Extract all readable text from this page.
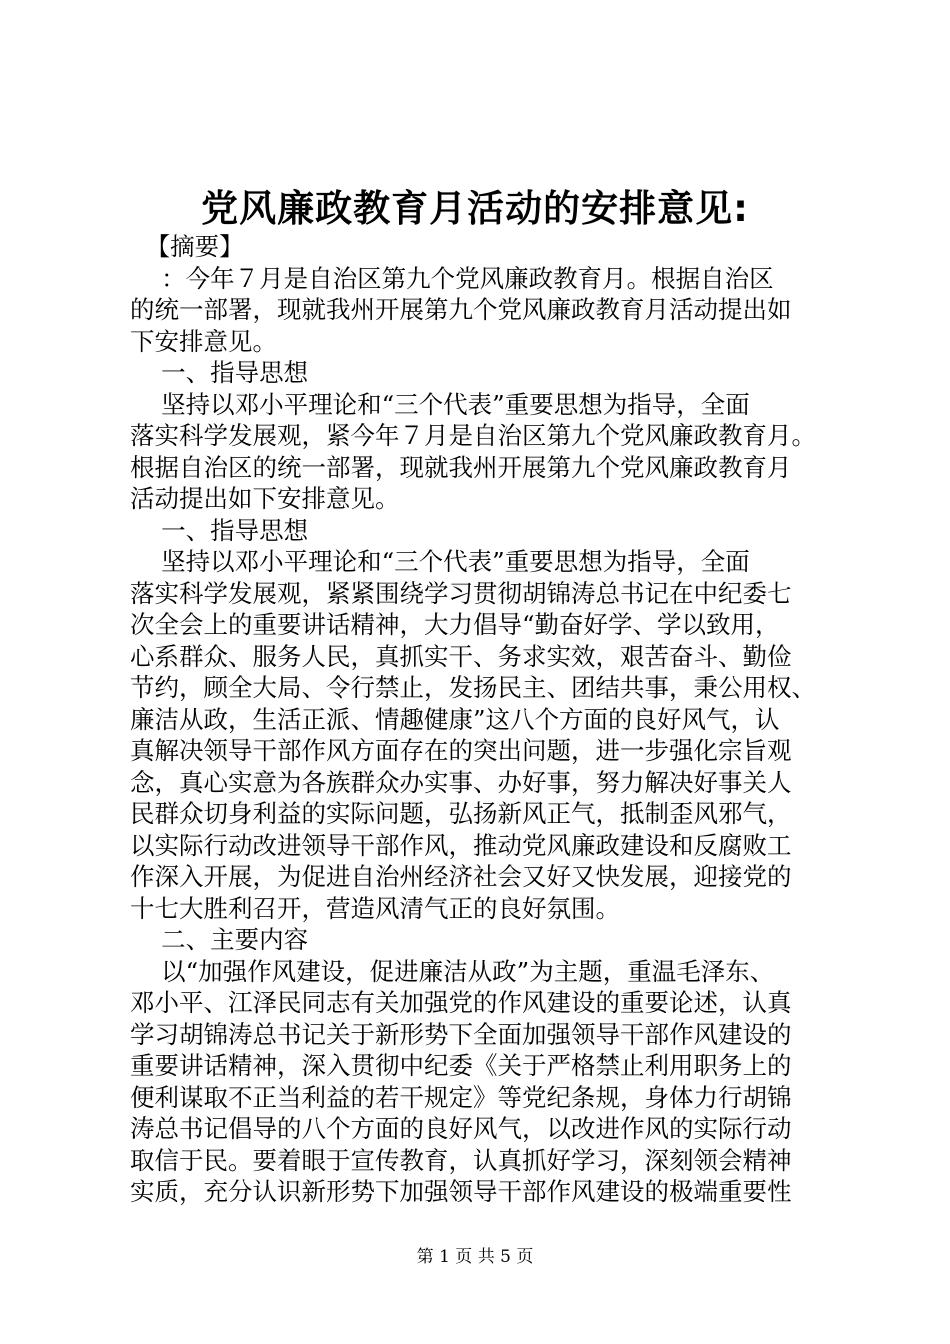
党风廉政教育月活动的安排意见:
【摘要】
：今年７月是自治区第九个党风廉政教育月。根据自治区
的统一部署，现就我州开展第九个党风廉政教育月活动提出如
下安排意见。
一、指导思想
坚持以邓小平理论和“三个代表”重要思想为指导，全面
落实科学发展观，紧今年７月是自治区第九个党风廉政教育月。
根据自治区的统一部署，现就我州开展第九个党风廉政教育月
活动提出如下安排意见。
一、指导思想
坚持以邓小平理论和“三个代表”重要思想为指导，全面
落实科学发展观，紧紧围绕学习贯彻胡锦涛总书记在中纪委七
次全会上的重要讲话精神，大力倡导“勤奋好学、学以致用，
心系群众、服务人民，真抓实干、务求实效，艰苦奋斗、勤俭
节约，顾全大局、令行禁止，发扬民主、团结共事，秉公用权、
廉洁从政，生活正派、情趣健康”这八个方面的良好风气，认
真解决领导干部作风方面存在的突出问题，进一步强化宗旨观
念，真心实意为各族群众办实事、办好事，努力解决好事关人
民群众切身利益的实际问题，弘扬新风正气，抵制歪风邪气，
以实际行动改进领导干部作风，推动党风廉政建设和反腐败工
作深入开展，为促进自治州经济社会又好又快发展，迎接党的
十七大胜利召开，营造风清气正的良好氛围。
二、主要内容
以“加强作风建设，促进廉洁从政”为主题，重温毛泽东、
邓小平、江泽民同志有关加强党的作风建设的重要论述，认真
学习胡锦涛总书记关于新形势下全面加强领导干部作风建设的
重要讲话精神，深入贯彻中纪委《关于严格禁止利用职务上的
便利谋取不正当利益的若干规定》等党纪条规，身体力行胡锦
涛总书记倡导的八个方面的良好风气，以改进作风的实际行动
取信于民。要着眼于宣传教育，认真抓好学习，深刻领会精神
实质，充分认识新形势下加强领导干部作风建设的极端重要性
第 1 页 共 5 页
